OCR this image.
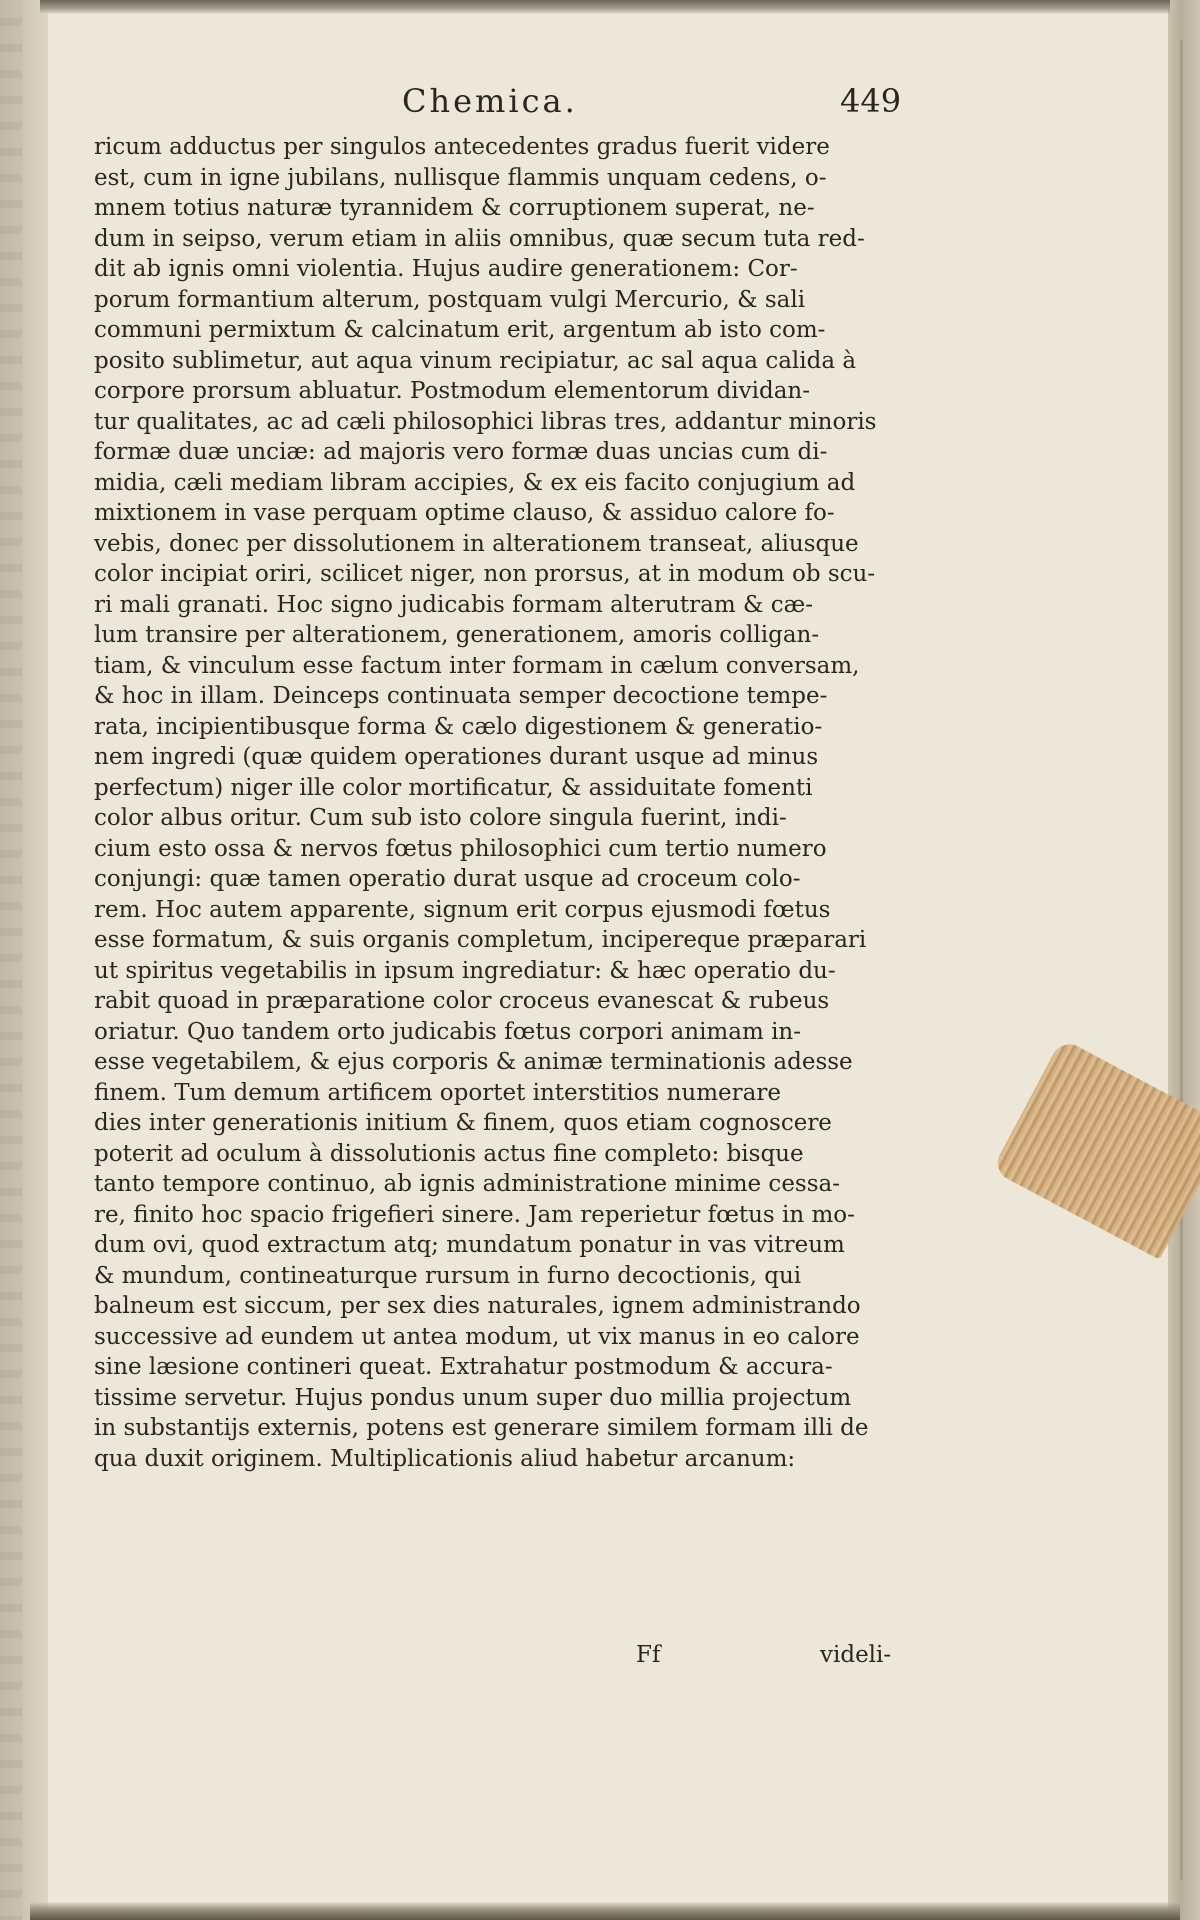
Chemica.	449
ricum adductus per singulos antecedentes gradus fuerit videre
est, cum in igne jubilans, nullisque flammis unquam cedens, o-
mnem totius naturæ tyrannidem & corruptionem superat, ne-
dum in seipso, verum etiam in aliis omnibus, quæ secum tuta red-
dit ab ignis omni violentia. Hujus audire generationem: Cor-
porum formantium alterum, postquam vulgi Mercurio, & sali
communi permixtum & calcinatum erit, argentum ab isto com-
posito sublimetur, aut aqua vinum recipiatur, ac sal aqua calida à
corpore prorsum abluatur. Postmodum elementorum dividan-
tur qualitates, ac ad cæli philosophici libras tres, addantur minoris
formæ duæ unciæ: ad majoris vero formæ duas uncias cum di-
midia, cæli mediam libram accipies, & ex eis facito conjugium ad
mixtionem in vase perquam optime clauso, & assiduo calore fo-
vebis, donec per dissolutionem in alterationem transeat, aliusque
color incipiat oriri, scilicet niger, non prorsus, at in modum ob scu-
ri mali granati. Hoc signo judicabis formam alterutram & cæ-
lum transire per alterationem, generationem, amoris colligan-
tiam, & vinculum esse factum inter formam in cælum conversam,
& hoc in illam. Deinceps continuata semper decoctione tempe-
rata, incipientibusque forma & cælo digestionem & generatio-
nem ingredi (quæ quidem operationes durant usque ad minus
perfectum) niger ille color mortificatur, & assiduitate fomenti
color albus oritur. Cum sub isto colore singula fuerint, indi-
cium esto ossa & nervos fœtus philosophici cum tertio numero
conjungi: quæ tamen operatio durat usque ad croceum colo-
rem. Hoc autem apparente, signum erit corpus ejusmodi fœtus
esse formatum, & suis organis completum, incipereque præparari
ut spiritus vegetabilis in ipsum ingrediatur: & hæc operatio du-
rabit quoad in præparatione color croceus evanescat & rubeus
oriatur. Quo tandem orto judicabis fœtus corpori animam in-
esse vegetabilem, & ejus corporis & animæ terminationis adesse
finem. Tum demum artificem oportet interstitios numerare
dies inter generationis initium & finem, quos etiam cognoscere
poterit ad oculum à dissolutionis actus fine completo: bisque
tanto tempore continuo, ab ignis administratione minime cessa-
re, finito hoc spacio frigefieri sinere. Jam reperietur fœtus in mo-
dum ovi, quod extractum atq; mundatum ponatur in vas vitreum
& mundum, contineaturque rursum in furno decoctionis, qui
balneum est siccum, per sex dies naturales, ignem administrando
successive ad eundem ut antea modum, ut vix manus in eo calore
sine læsione contineri queat. Extrahatur postmodum & accura-
tissime servetur. Hujus pondus unum super duo millia projectum
in substantijs externis, potens est generare similem formam illi de
qua duxit originem. Multiplicationis aliud habetur arcanum:
Ff	videli-
